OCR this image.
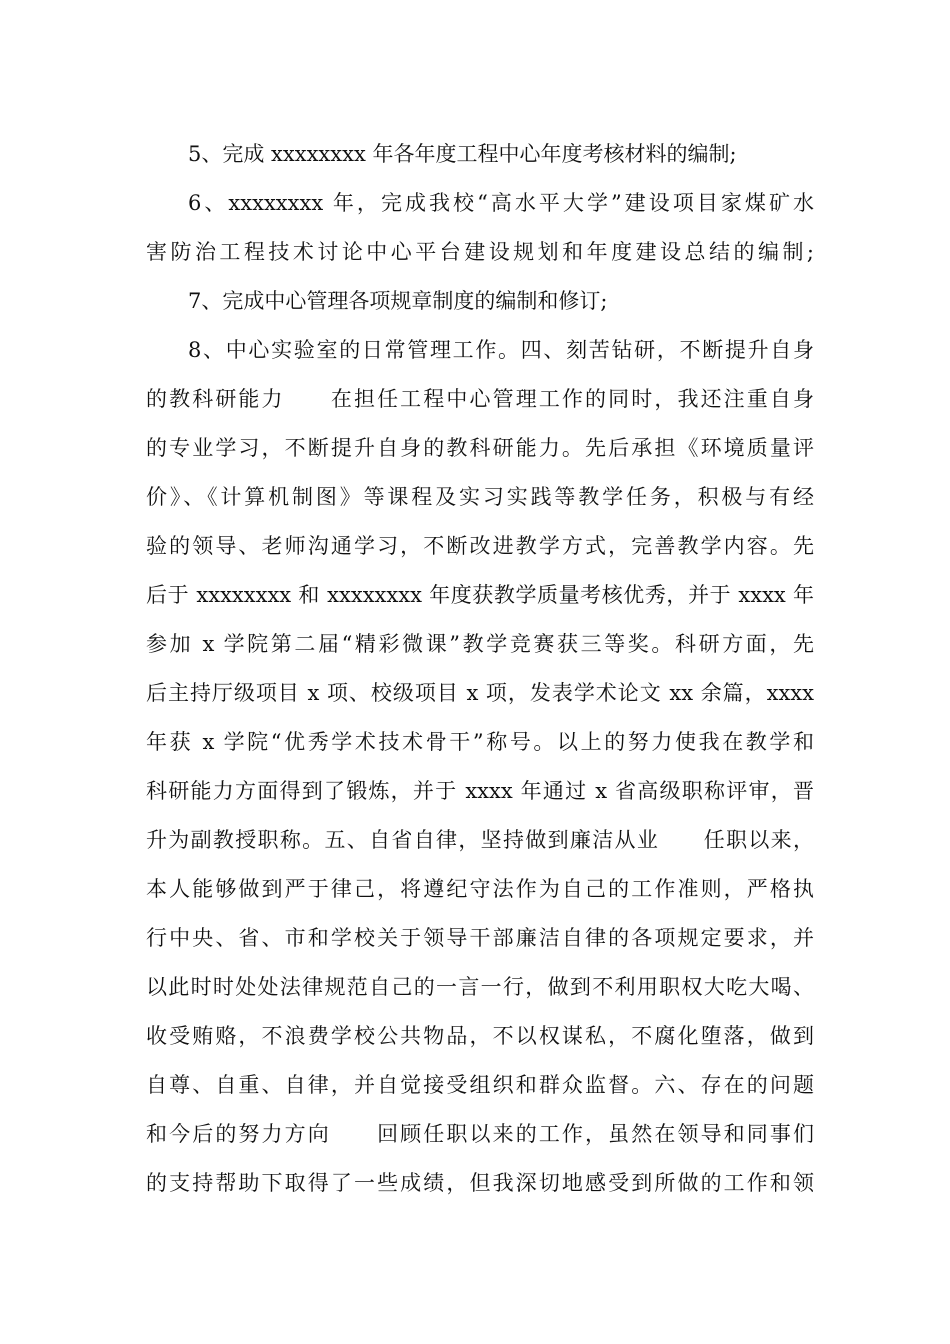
5、完成 xxxxxxxx 年各年度工程中心年度考核材料的编制;
6、xxxxxxxx 年，完成我校“高水平大学”建设项目家煤矿水
害防治工程技术讨论中心平台建设规划和年度建设总结的编制;
7、完成中心管理各项规章制度的编制和修订;
8、中心实验室的日常管理工作。四、刻苦钻研，不断提升自身
的教科研能力　　在担任工程中心管理工作的同时，我还注重自身
的专业学习，不断提升自身的教科研能力。先后承担《环境质量评
价》、《计算机制图》等课程及实习实践等教学任务，积极与有经
验的领导、老师沟通学习，不断改进教学方式，完善教学内容。先
后于 xxxxxxxx 和 xxxxxxxx 年度获教学质量考核优秀，并于 xxxx 年
参加 x 学院第二届“精彩微课”教学竞赛获三等奖。科研方面，先
后主持厅级项目 x 项、校级项目 x 项，发表学术论文 xx 余篇，xxxx
年获 x 学院“优秀学术技术骨干”称号。以上的努力使我在教学和
科研能力方面得到了锻炼，并于 xxxx 年通过 x 省高级职称评审，晋
升为副教授职称。五、自省自律，坚持做到廉洁从业　　任职以来，
本人能够做到严于律己，将遵纪守法作为自己的工作准则，严格执
行中央、省、市和学校关于领导干部廉洁自律的各项规定要求，并
以此时时处处法律规范自己的一言一行，做到不利用职权大吃大喝、
收受贿赂，不浪费学校公共物品，不以权谋私，不腐化堕落，做到
自尊、自重、自律，并自觉接受组织和群众监督。六、存在的问题
和今后的努力方向　　回顾任职以来的工作，虽然在领导和同事们
的支持帮助下取得了一些成绩，但我深切地感受到所做的工作和领
